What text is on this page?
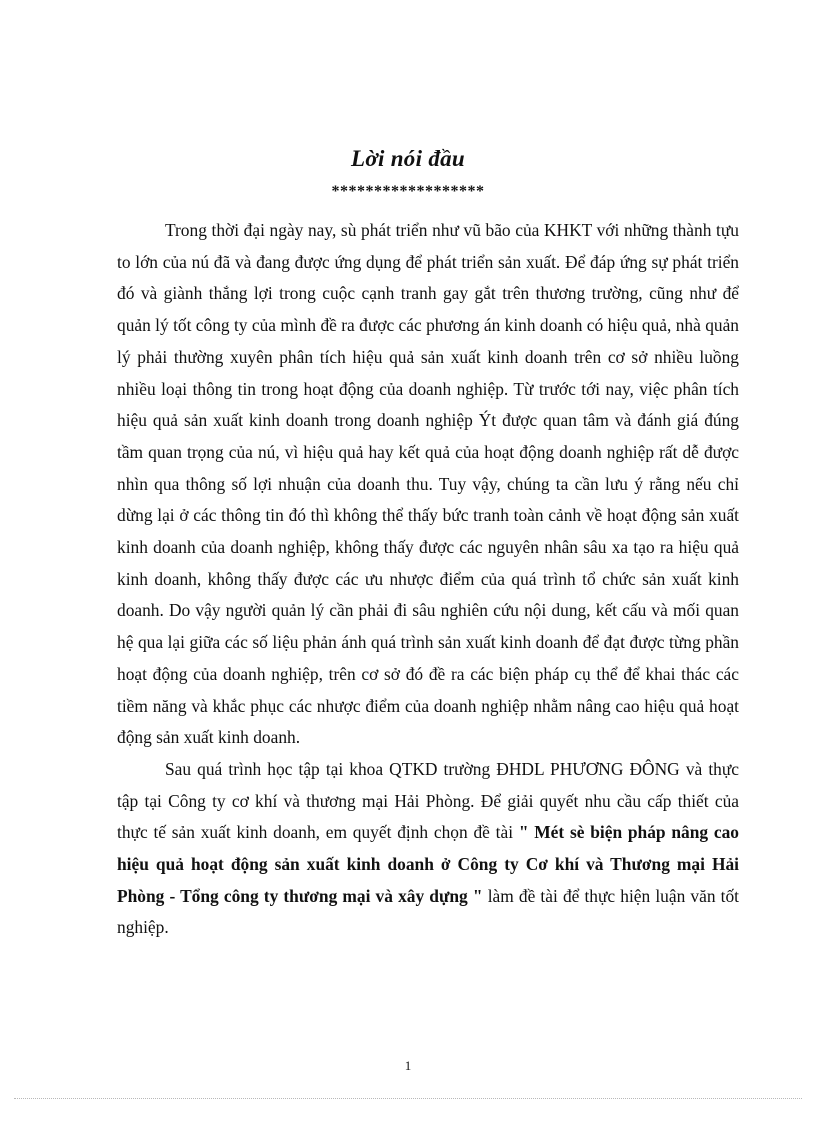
Lời nói đầu
******************

Trong thời đại ngày nay, sù phát triển như vũ bão của KHKT với những thành tựu to lớn của nú đã và đang được ứng dụng để phát triển sản xuất. Để đáp ứng sự phát triển đó và giành thắng lợi trong cuộc cạnh tranh gay gắt trên thương trường, cũng như để quản lý tốt công ty của mình đề ra được các phương án kinh doanh có hiệu quả, nhà quản lý phải thường xuyên phân tích hiệu quả sản xuất kinh doanh trên cơ sở nhiều luồng nhiều loại thông tin trong hoạt động của doanh nghiệp. Từ trước tới nay, việc phân tích hiệu quả sản xuất kinh doanh trong doanh nghiệp Ýt được quan tâm và đánh giá đúng tầm quan trọng của nú, vì hiệu quả hay kết quả của hoạt động doanh nghiệp rất dễ được nhìn qua thông số lợi nhuận của doanh thu. Tuy vậy, chúng ta cần lưu ý rằng nếu chỉ dừng lại ở các thông tin đó thì không thể thấy bức tranh toàn cảnh về hoạt động sản xuất kinh doanh của doanh nghiệp, không thấy được các nguyên nhân sâu xa tạo ra hiệu quả kinh doanh, không thấy được các ưu nhược điểm của quá trình tổ chức sản xuất kinh doanh. Do vậy người quản lý cần phải đi sâu nghiên cứu nội dung, kết cấu và mối quan hệ qua lại giữa các số liệu phản ánh quá trình sản xuất kinh doanh để đạt được từng phần hoạt động của doanh nghiệp, trên cơ sở đó đề ra các biện pháp cụ thể để khai thác các tiềm năng và khắc phục các nhược điểm của doanh nghiệp nhằm nâng cao hiệu quả hoạt động sản xuất kinh doanh.

Sau quá trình học tập tại khoa QTKD trường ĐHDL PHƯƠNG ĐÔNG và thực tập tại Công ty cơ khí và thương mại Hải Phòng. Để giải quyết nhu cầu cấp thiết của thực tế sản xuất kinh doanh, em quyết định chọn đề tài " Mét sè biện pháp nâng cao hiệu quả hoạt động sản xuất kinh doanh ở Công ty Cơ khí và Thương mại Hải Phòng - Tổng công ty thương mại và xây dựng " làm đề tài để thực hiện luận văn tốt nghiệp.

1
